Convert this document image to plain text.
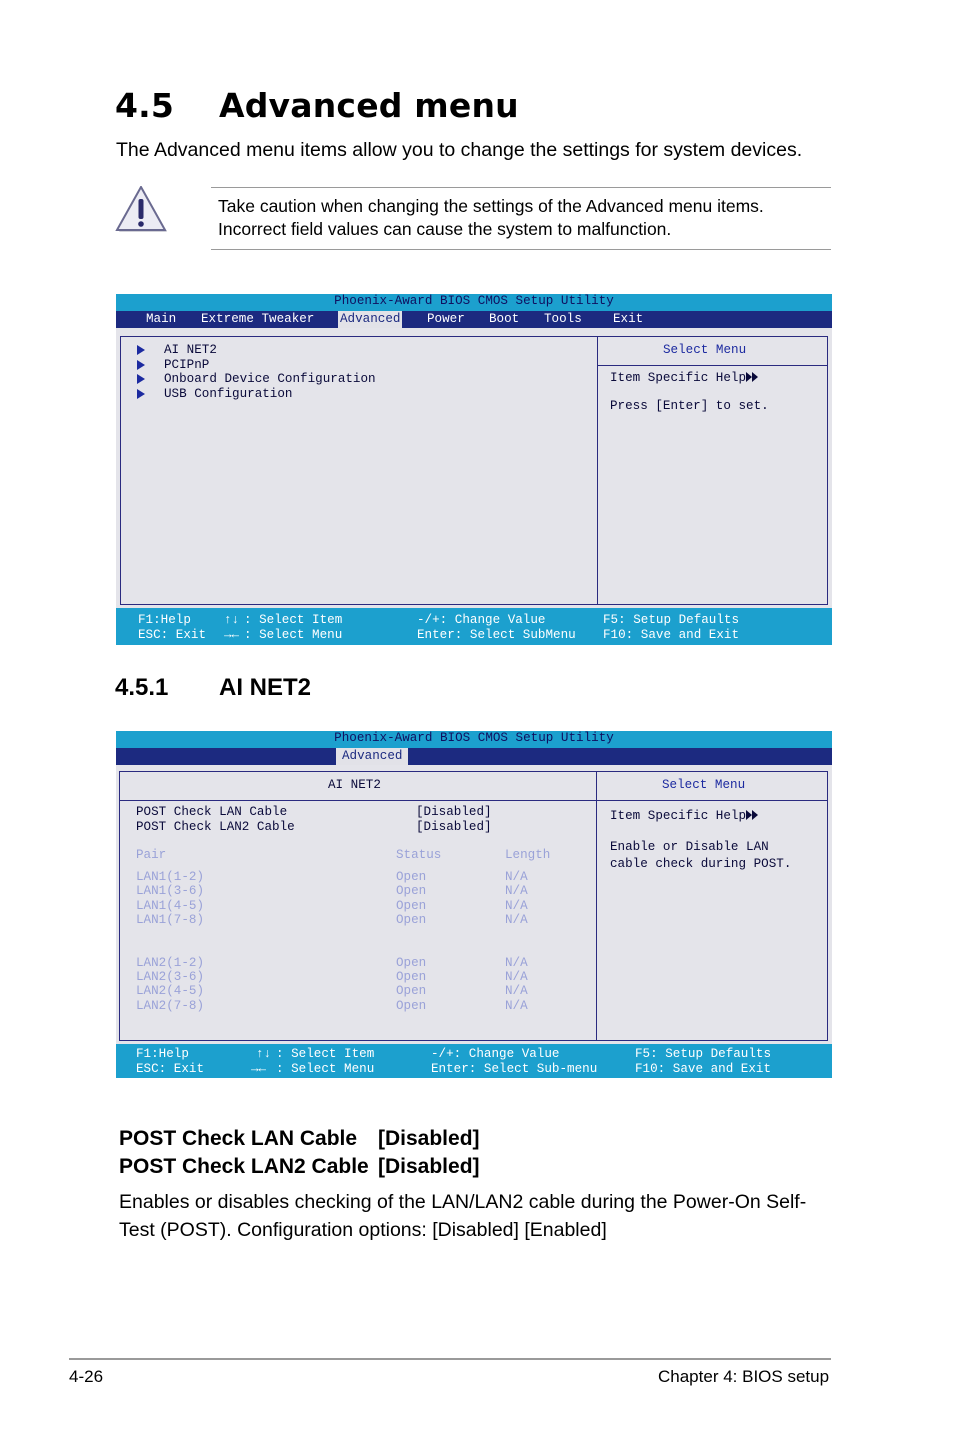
4.5 Advanced menu
The Advanced menu items allow you to change the settings for system devices.
Take caution when changing the settings of the Advanced menu items. Incorrect field values can cause the system to malfunction.
Phoenix-Award BIOS CMOS Setup Utility
Main Extreme Tweaker Advanced Power Boot Tools Exit
AI NET2
PCIPnP
Onboard Device Configuration
USB Configuration
Select Menu
Item Specific Help
Press [Enter] to set.
F1:Help	↑↓ : Select Item	-/+: Change Value	F5: Setup Defaults
ESC: Exit →← : Select Menu	Enter: Select SubMenu F10: Save and Exit
4.5.1 AI NET2
Phoenix-Award BIOS CMOS Setup Utility
Advanced
AI NET2	Select Menu
POST Check LAN Cable	[Disabled]
POST Check LAN2 Cable	[Disabled]
Pair	Status	Length
LAN1(1-2)	Open	N/A
LAN1(3-6)	Open	N/A
LAN1(4-5)	Open	N/A
LAN1(7-8)	Open	N/A
LAN2(1-2)	Open	N/A
LAN2(3-6)	Open	N/A
LAN2(4-5)	Open	N/A
LAN2(7-8)	Open	N/A
Item Specific Help
Enable or Disable LAN
cable check during POST.
F1:Help	↑↓ : Select Item	-/+: Change Value	F5: Setup Defaults
ESC: Exit	→← : Select Menu	Enter: Select Sub-menu	F10: Save and Exit
POST Check LAN Cable [Disabled]
POST Check LAN2 Cable [Disabled]
Enables or disables checking of the LAN/LAN2 cable during the Power-On Self-Test (POST). Configuration options: [Disabled] [Enabled]
4-26	Chapter 4: BIOS setup
